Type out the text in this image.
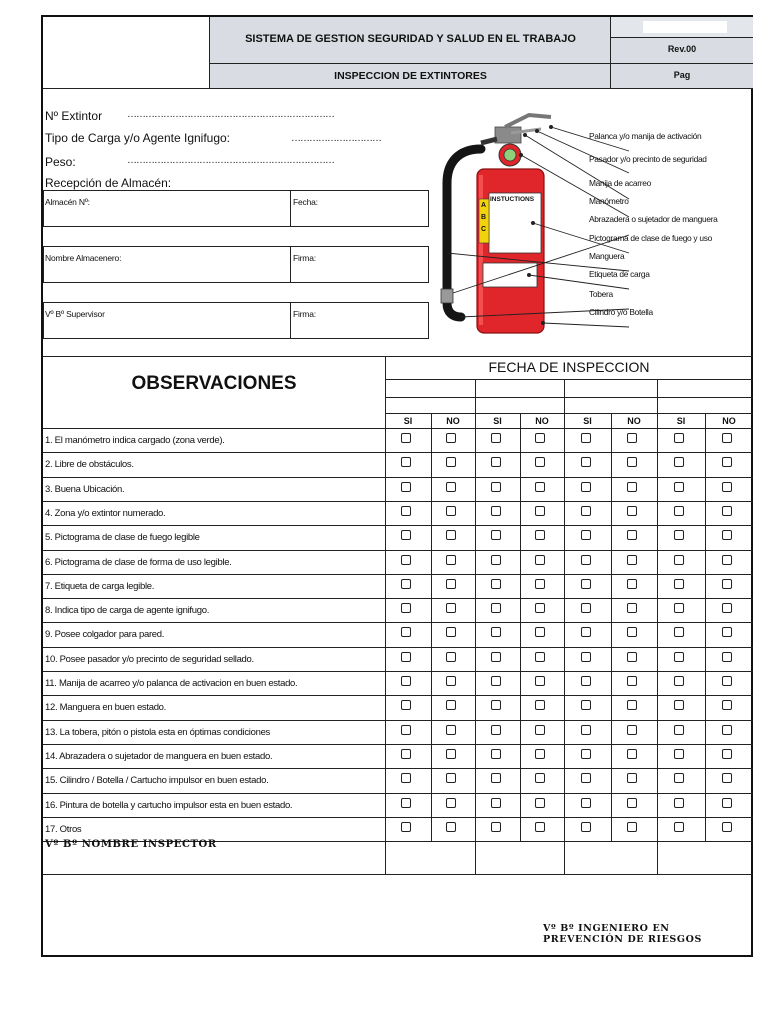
SISTEMA DE GESTION SEGURIDAD Y SALUD EN EL TRABAJO
INSPECCION DE EXTINTORES
Rev.00
Pag
Nº Extintor ……………………………………………………………
Tipo de Carga y/o Agente Ignifugo:	…………………………
Peso:	……………………………………………………………
Recepción de Almacén:
Almacén Nº:	Fecha:
Nombre Almacenero:	Firma:
Vº Bº Supervisor	Firma:
INSTUCTIONS
A
B
C
Palanca y/o manija de activación
Pasador y/o precinto de seguridad
Manija de acarreo
Manómetro
Abrazadera o sujetador de manguera
Pictograma de clase de fuego y uso
Manguera
Etiqueta de carga
Tobera
Cilindro y/o Botella
OBSERVACIONES
FECHA DE INSPECCION
SI	NO	SI	NO	SI	NO	SI	NO
1. El manómetro indica cargado (zona verde).
2. Libre de obstáculos.
3. Buena Ubicación.
4. Zona y/o extintor numerado.
5. Pictograma de clase de fuego legible
6. Pictograma de clase de forma de uso legible.
7. Etiqueta de carga legible.
8. Indica tipo de carga de agente ignifugo.
9. Posee colgador para pared.
10. Posee pasador y/o precinto de seguridad sellado.
11. Manija de acarreo y/o palanca de activacion en buen estado.
12. Manguera en buen estado.
13. La tobera, pitón o pistola esta en óptimas condiciones
14. Abrazadera o sujetador de manguera en buen estado.
15. Cilindro / Botella / Cartucho impulsor en buen estado.
16. Pintura de botella y cartucho impulsor esta en buen estado.
17. Otros
Vº Bº NOMBRE INSPECTOR
Vº Bº INGENIERO EN PREVENCIÓN DE RIESGOS
